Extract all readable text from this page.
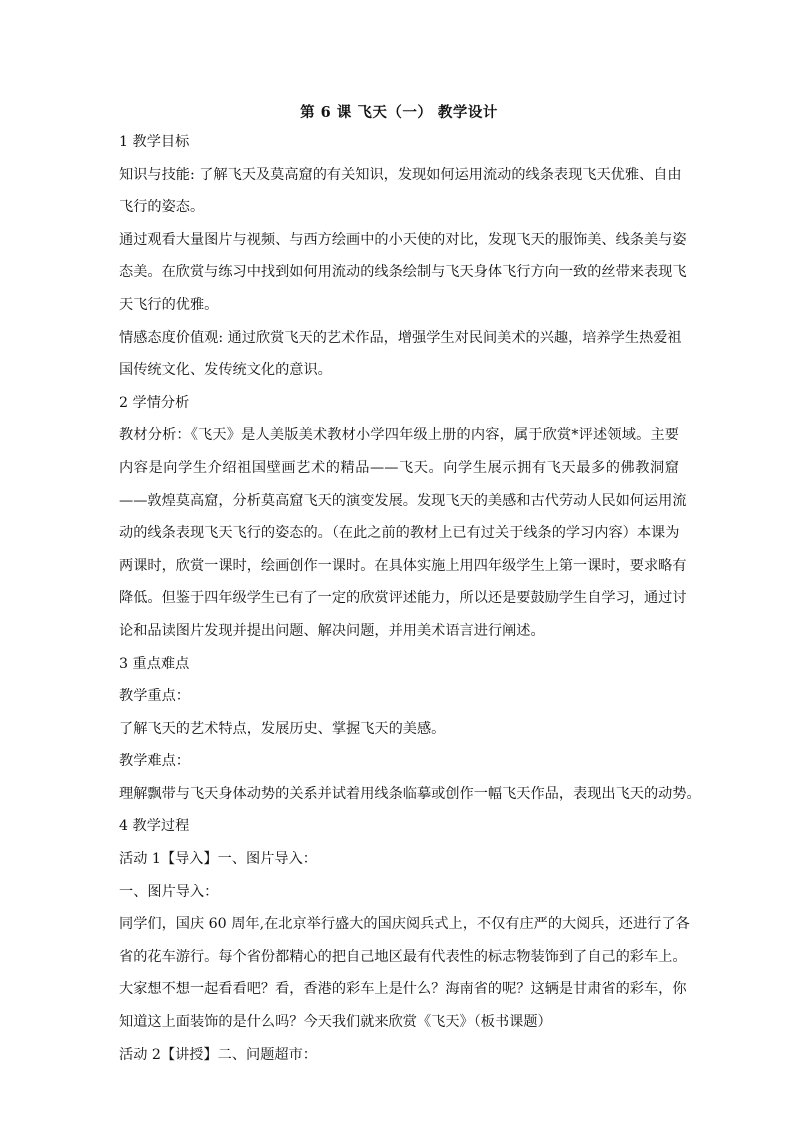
第 6 课 飞天（一） 教学设计

1 教学目标

知识与技能: 了解飞天及莫高窟的有关知识，发现如何运用流动的线条表现飞天优雅、自由

飞行的姿态。

通过观看大量图片与视频、与西方绘画中的小天使的对比，发现飞天的服饰美、线条美与姿

态美。在欣赏与练习中找到如何用流动的线条绘制与飞天身体飞行方向一致的丝带来表现飞

天飞行的优雅。

情感态度价值观: 通过欣赏飞天的艺术作品，增强学生对民间美术的兴趣，培养学生热爱祖

国传统文化、发传统文化的意识。

2 学情分析

教材分析：《飞天》是人美版美术教材小学四年级上册的内容，属于欣赏*评述领域。主要

内容是向学生介绍祖国壁画艺术的精品——飞天。向学生展示拥有飞天最多的佛教洞窟

——敦煌莫高窟，分析莫高窟飞天的演变发展。发现飞天的美感和古代劳动人民如何运用流

动的线条表现飞天飞行的姿态的。（在此之前的教材上已有过关于线条的学习内容）本课为

两课时，欣赏一课时，绘画创作一课时。在具体实施上用四年级学生上第一课时，要求略有

降低。但鉴于四年级学生已有了一定的欣赏评述能力，所以还是要鼓励学生自学习，通过讨

论和品读图片发现并提出问题、解决问题，并用美术语言进行阐述。

3 重点难点

教学重点：

了解飞天的艺术特点，发展历史、掌握飞天的美感。

教学难点：

理解飘带与飞天身体动势的关系并试着用线条临摹或创作一幅飞天作品，表现出飞天的动势。

4 教学过程

活动 1【导入】一、图片导入：

一、图片导入：

同学们，国庆 60 周年,在北京举行盛大的国庆阅兵式上，不仅有庄严的大阅兵，还进行了各

省的花车游行。每个省份都精心的把自己地区最有代表性的标志物装饰到了自己的彩车上。

大家想不想一起看看吧？看，香港的彩车上是什么？海南省的呢？这辆是甘肃省的彩车，你

知道这上面装饰的是什么吗？今天我们就来欣赏《飞天》（板书课题）

活动 2【讲授】二、问题超市：
